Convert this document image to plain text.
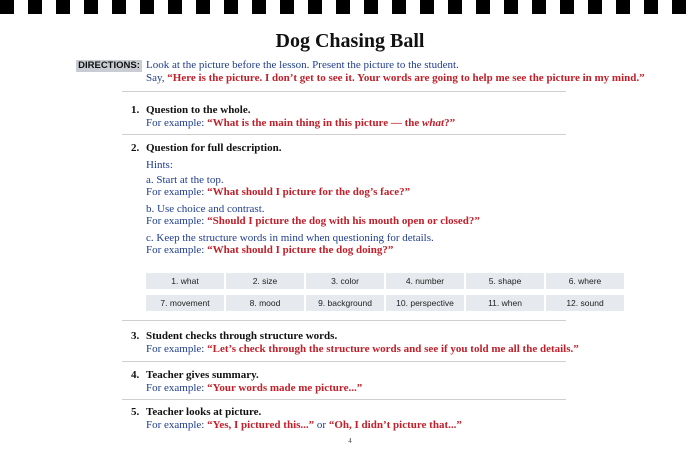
Dog Chasing Ball
DIRECTIONS: Look at the picture before the lesson. Present the picture to the student.
Say, “Here is the picture. I don’t get to see it. Your words are going to help me see the picture in my mind.”
1. Question to the whole.
For example: “What is the main thing in this picture — the what?”
2. Question for full description.
Hints:
a. Start at the top.
For example: “What should I picture for the dog’s face?”
b. Use choice and contrast.
For example: “Should I picture the dog with his mouth open or closed?”
c. Keep the structure words in mind when questioning for details.
For example: “What should I picture the dog doing?”
1. what	2. size	3. color	4. number	5. shape	6. where
7. movement	8. mood	9. background	10. perspective	11. when	12. sound
3. Student checks through structure words.
For example: “Let’s check through the structure words and see if you told me all the details.”
4. Teacher gives summary.
For example: “Your words made me picture...”
5. Teacher looks at picture.
For example: “Yes, I pictured this...” or “Oh, I didn’t picture that...”
4
